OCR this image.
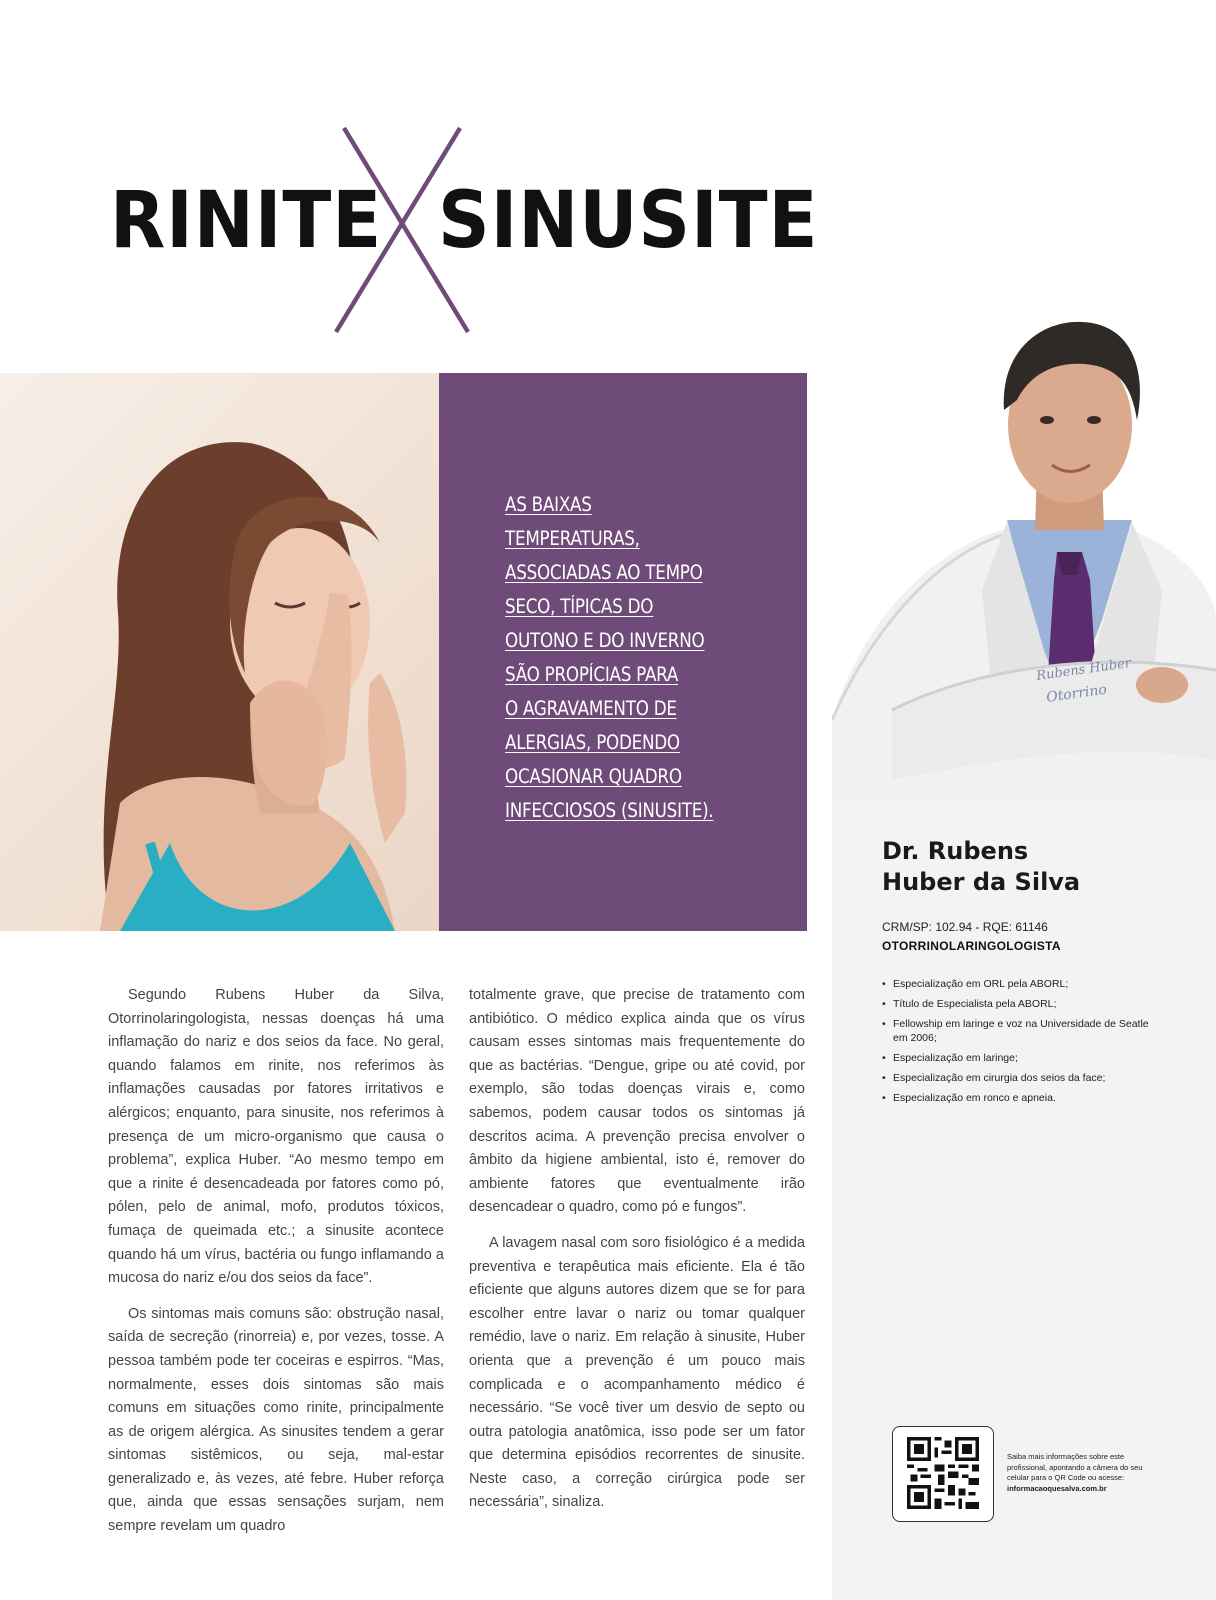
RINITE SINUSITE
AS BAIXAS
TEMPERATURAS,
ASSOCIADAS AO TEMPO
SECO, TÍPICAS DO
OUTONO E DO INVERNO
SÃO PROPÍCIAS PARA
O AGRAVAMENTO DE
ALERGIAS, PODENDO
OCASIONAR QUADRO
INFECCIOSOS (SINUSITE).
Rubens Huber
Otorrino
Dr. Rubens
Huber da Silva
CRM/SP: 102.94 - RQE: 61146
OTORRINOLARINGOLOGISTA
• Especialização em ORL pela ABORL;
• Título de Especialista pela ABORL;
• Fellowship em laringe e voz na Universidade de Seatle em 2006;
• Especialização em laringe;
• Especialização em cirurgia dos seios da face;
• Especialização em ronco e apneia.

Segundo Rubens Huber da Silva, Otorrinolaringologista, nessas doenças há uma inflamação do nariz e dos seios da face. No geral, quando falamos em rinite, nos referimos às inflamações causadas por fatores irritativos e alérgicos; enquanto, para sinusite, nos referimos à presença de um micro-organismo que causa o problema”, explica Huber. “Ao mesmo tempo em que a rinite é desencadeada por fatores como pó, pólen, pelo de animal, mofo, produtos tóxicos, fumaça de queimada etc.; a sinusite acontece quando há um vírus, bactéria ou fungo inflamando a mucosa do nariz e/ou dos seios da face”.

Os sintomas mais comuns são: obstrução nasal, saída de secreção (rinorreia) e, por vezes, tosse. A pessoa também pode ter coceiras e espirros. “Mas, normalmente, esses dois sintomas são mais comuns em situações como rinite, principalmente as de origem alérgica. As sinusites tendem a gerar sintomas sistêmicos, ou seja, mal-estar generalizado e, às vezes, até febre. Huber reforça que, ainda que essas sensações surjam, nem sempre revelam um quadro

totalmente grave, que precise de tratamento com antibiótico. O médico explica ainda que os vírus causam esses sintomas mais frequentemente do que as bactérias. “Dengue, gripe ou até covid, por exemplo, são todas doenças virais e, como sabemos, podem causar todos os sintomas já descritos acima. A prevenção precisa envolver o âmbito da higiene ambiental, isto é, remover do ambiente fatores que eventualmente irão desencadear o quadro, como pó e fungos”.

A lavagem nasal com soro fisiológico é a medida preventiva e terapêutica mais eficiente. Ela é tão eficiente que alguns autores dizem que se for para escolher entre lavar o nariz ou tomar qualquer remédio, lave o nariz. Em relação à sinusite, Huber orienta que a prevenção é um pouco mais complicada e o acompanhamento médico é necessário. “Se você tiver um desvio de septo ou outra patologia anatômica, isso pode ser um fator que determina episódios recorrentes de sinusite. Neste caso, a correção cirúrgica pode ser necessária”, sinaliza.

Saiba mais informações sobre este profissional, apontando a câmera do seu celular para o QR Code ou acesse: informacaoquesalva.com.br
